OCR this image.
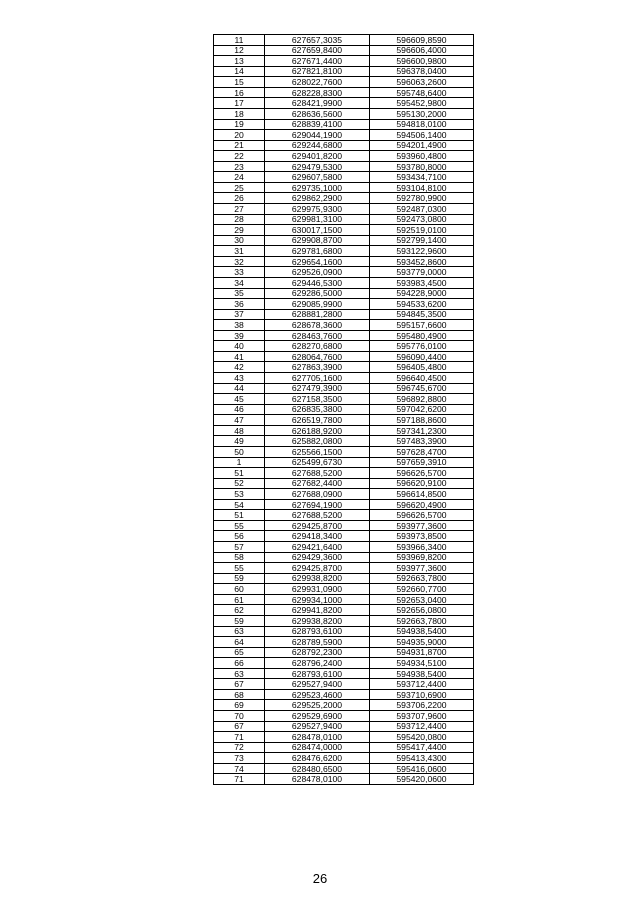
11	627657,3035	596609,8590
12	627659,8400	596606,4000
13	627671,4400	596600,9800
14	627821,8100	596378,0400
15	628022,7600	596063,2600
16	628228,8300	595748,6400
17	628421,9900	595452,9800
18	628636,5600	595130,2000
19	628839,4100	594818,0100
20	629044,1900	594506,1400
21	629244,6800	594201,4900
22	629401,8200	593960,4800
23	629479,5300	593780,8000
24	629607,5800	593434,7100
25	629735,1000	593104,8100
26	629862,2900	592780,9900
27	629975,9300	592487,0300
28	629981,3100	592473,0800
29	630017,1500	592519,0100
30	629908,8700	592799,1400
31	629781,6800	593122,9600
32	629654,1600	593452,8600
33	629526,0900	593779,0000
34	629446,5300	593983,4500
35	629286,5000	594228,9000
36	629085,9900	594533,6200
37	628881,2800	594845,3500
38	628678,3600	595157,6600
39	628463,7600	595480,4900
40	628270,6800	595776,0100
41	628064,7600	596090,4400
42	627863,3900	596405,4800
43	627705,1600	596640,4500
44	627479,3900	596745,6700
45	627158,3500	596892,8800
46	626835,3800	597042,6200
47	626519,7800	597188,8600
48	626188,9200	597341,2300
49	625882,0800	597483,3900
50	625566,1500	597628,4700
1	625499,6730	597659,3910
51	627688,5200	596626,5700
52	627682,4400	596620,9100
53	627688,0900	596614,8500
54	627694,1900	596620,4900
51	627688,5200	596626,5700
55	629425,8700	593977,3600
56	629418,3400	593973,8500
57	629421,6400	593966,3400
58	629429,3600	593969,8200
55	629425,8700	593977,3600
59	629938,8200	592663,7800
60	629931,0900	592660,7700
61	629934,1000	592653,0400
62	629941,8200	592656,0800
59	629938,8200	592663,7800
63	628793,6100	594938,5400
64	628789,5900	594935,9000
65	628792,2300	594931,8700
66	628796,2400	594934,5100
63	628793,6100	594938,5400
67	629527,9400	593712,4400
68	629523,4600	593710,6900
69	629525,2000	593706,2200
70	629529,6900	593707,9600
67	629527,9400	593712,4400
71	628478,0100	595420,0800
72	628474,0000	595417,4400
73	628476,6200	595413,4300
74	628480,6500	595416,0600
71	628478,0100	595420,0600
26
